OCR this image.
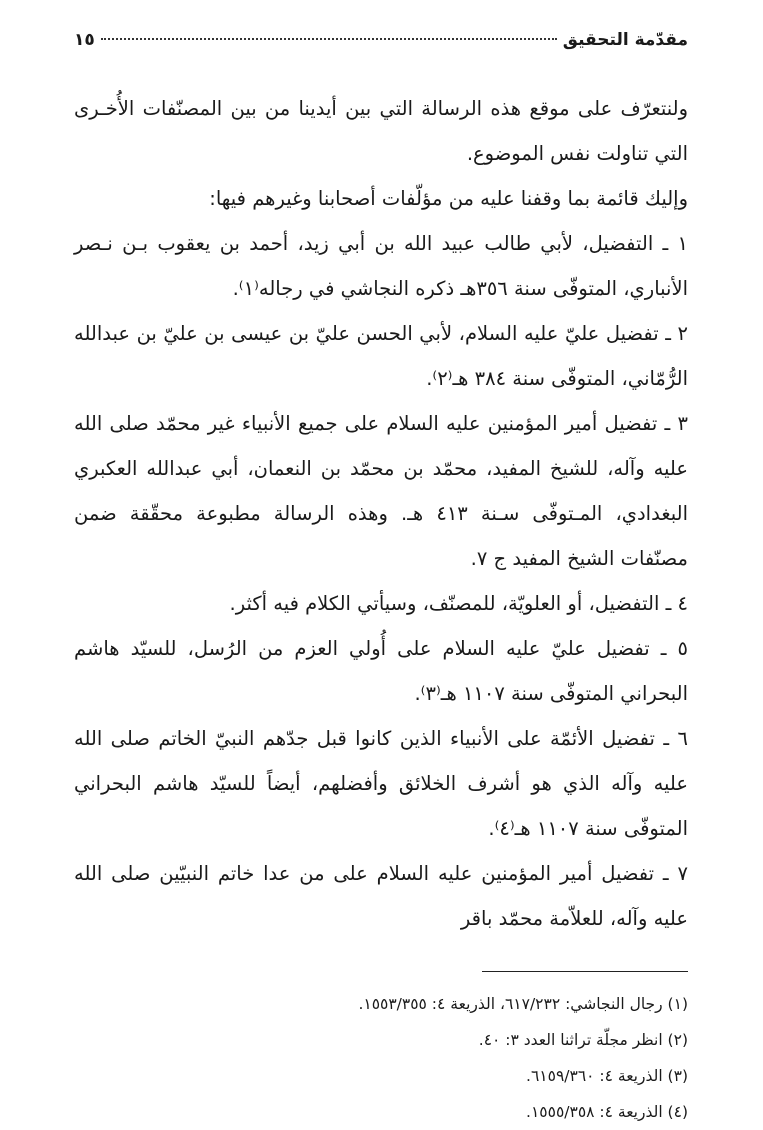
مقدّمة التحقيق
١٥

ولنتعرّف على موقع هذه الرسالة التي بين أيدينا من بين المصنّفات الأُخـرى التي تناولت نفس الموضوع.

وإليك قائمة بما وقفنا عليه من مؤلّفات أصحابنا وغيرهم فيها:

١ ـ التفضيل، لأبي طالب عبيد الله بن أبي زيد، أحمد بن يعقوب بـن نـصر الأنباري، المتوفّى سنة ٣٥٦هـ ذكره النجاشي في رجاله⁽١⁾.

٢ ـ تفضيل عليّ عليه السلام، لأبي الحسن عليّ بن عيسى بن عليّ بن عبدالله الرُّمّاني، المتوفّى سنة ٣٨٤ هـ⁽٢⁾.

٣ ـ تفضيل أمير المؤمنين عليه السلام على جميع الأنبياء غير محمّد صلى الله عليه وآله، للشيخ المفيد، محمّد بن محمّد بن النعمان، أبي عبدالله العكبري البغدادي، المـتوفّى سـنة ٤١٣ هـ. وهذه الرسالة مطبوعة محقّقة ضمن مصنّفات الشيخ المفيد ج ٧.

٤ ـ التفضيل، أو العلويّة، للمصنّف، وسيأتي الكلام فيه أكثر.

٥ ـ تفضيل عليّ عليه السلام على أُولي العزم من الرُسل، للسيّد هاشم البحراني المتوفّى سنة ١١٠٧ هـ⁽٣⁾.

٦ ـ تفضيل الأئمّة على الأنبياء الذين كانوا قبل جدّهم النبيّ الخاتم صلى الله عليه وآله الذي هو أشرف الخلائق وأفضلهم، أيضاً للسيّد هاشم البحراني المتوفّى سنة ١١٠٧ هـ⁽٤⁾.

٧ ـ تفضيل أمير المؤمنين عليه السلام على من عدا خاتم النبيّين صلى الله عليه وآله، للعلاّمة محمّد باقر

(١) رجال النجاشي: ٦١٧/٢٣٢، الذريعة ٤: ١٥٥٣/٣٥٥.

(٢) انظر مجلّة تراثنا العدد ٣: ٤٠.

(٣) الذريعة ٤: ٦١٥٩/٣٦٠.

(٤) الذريعة ٤: ١٥٥٥/٣٥٨.
